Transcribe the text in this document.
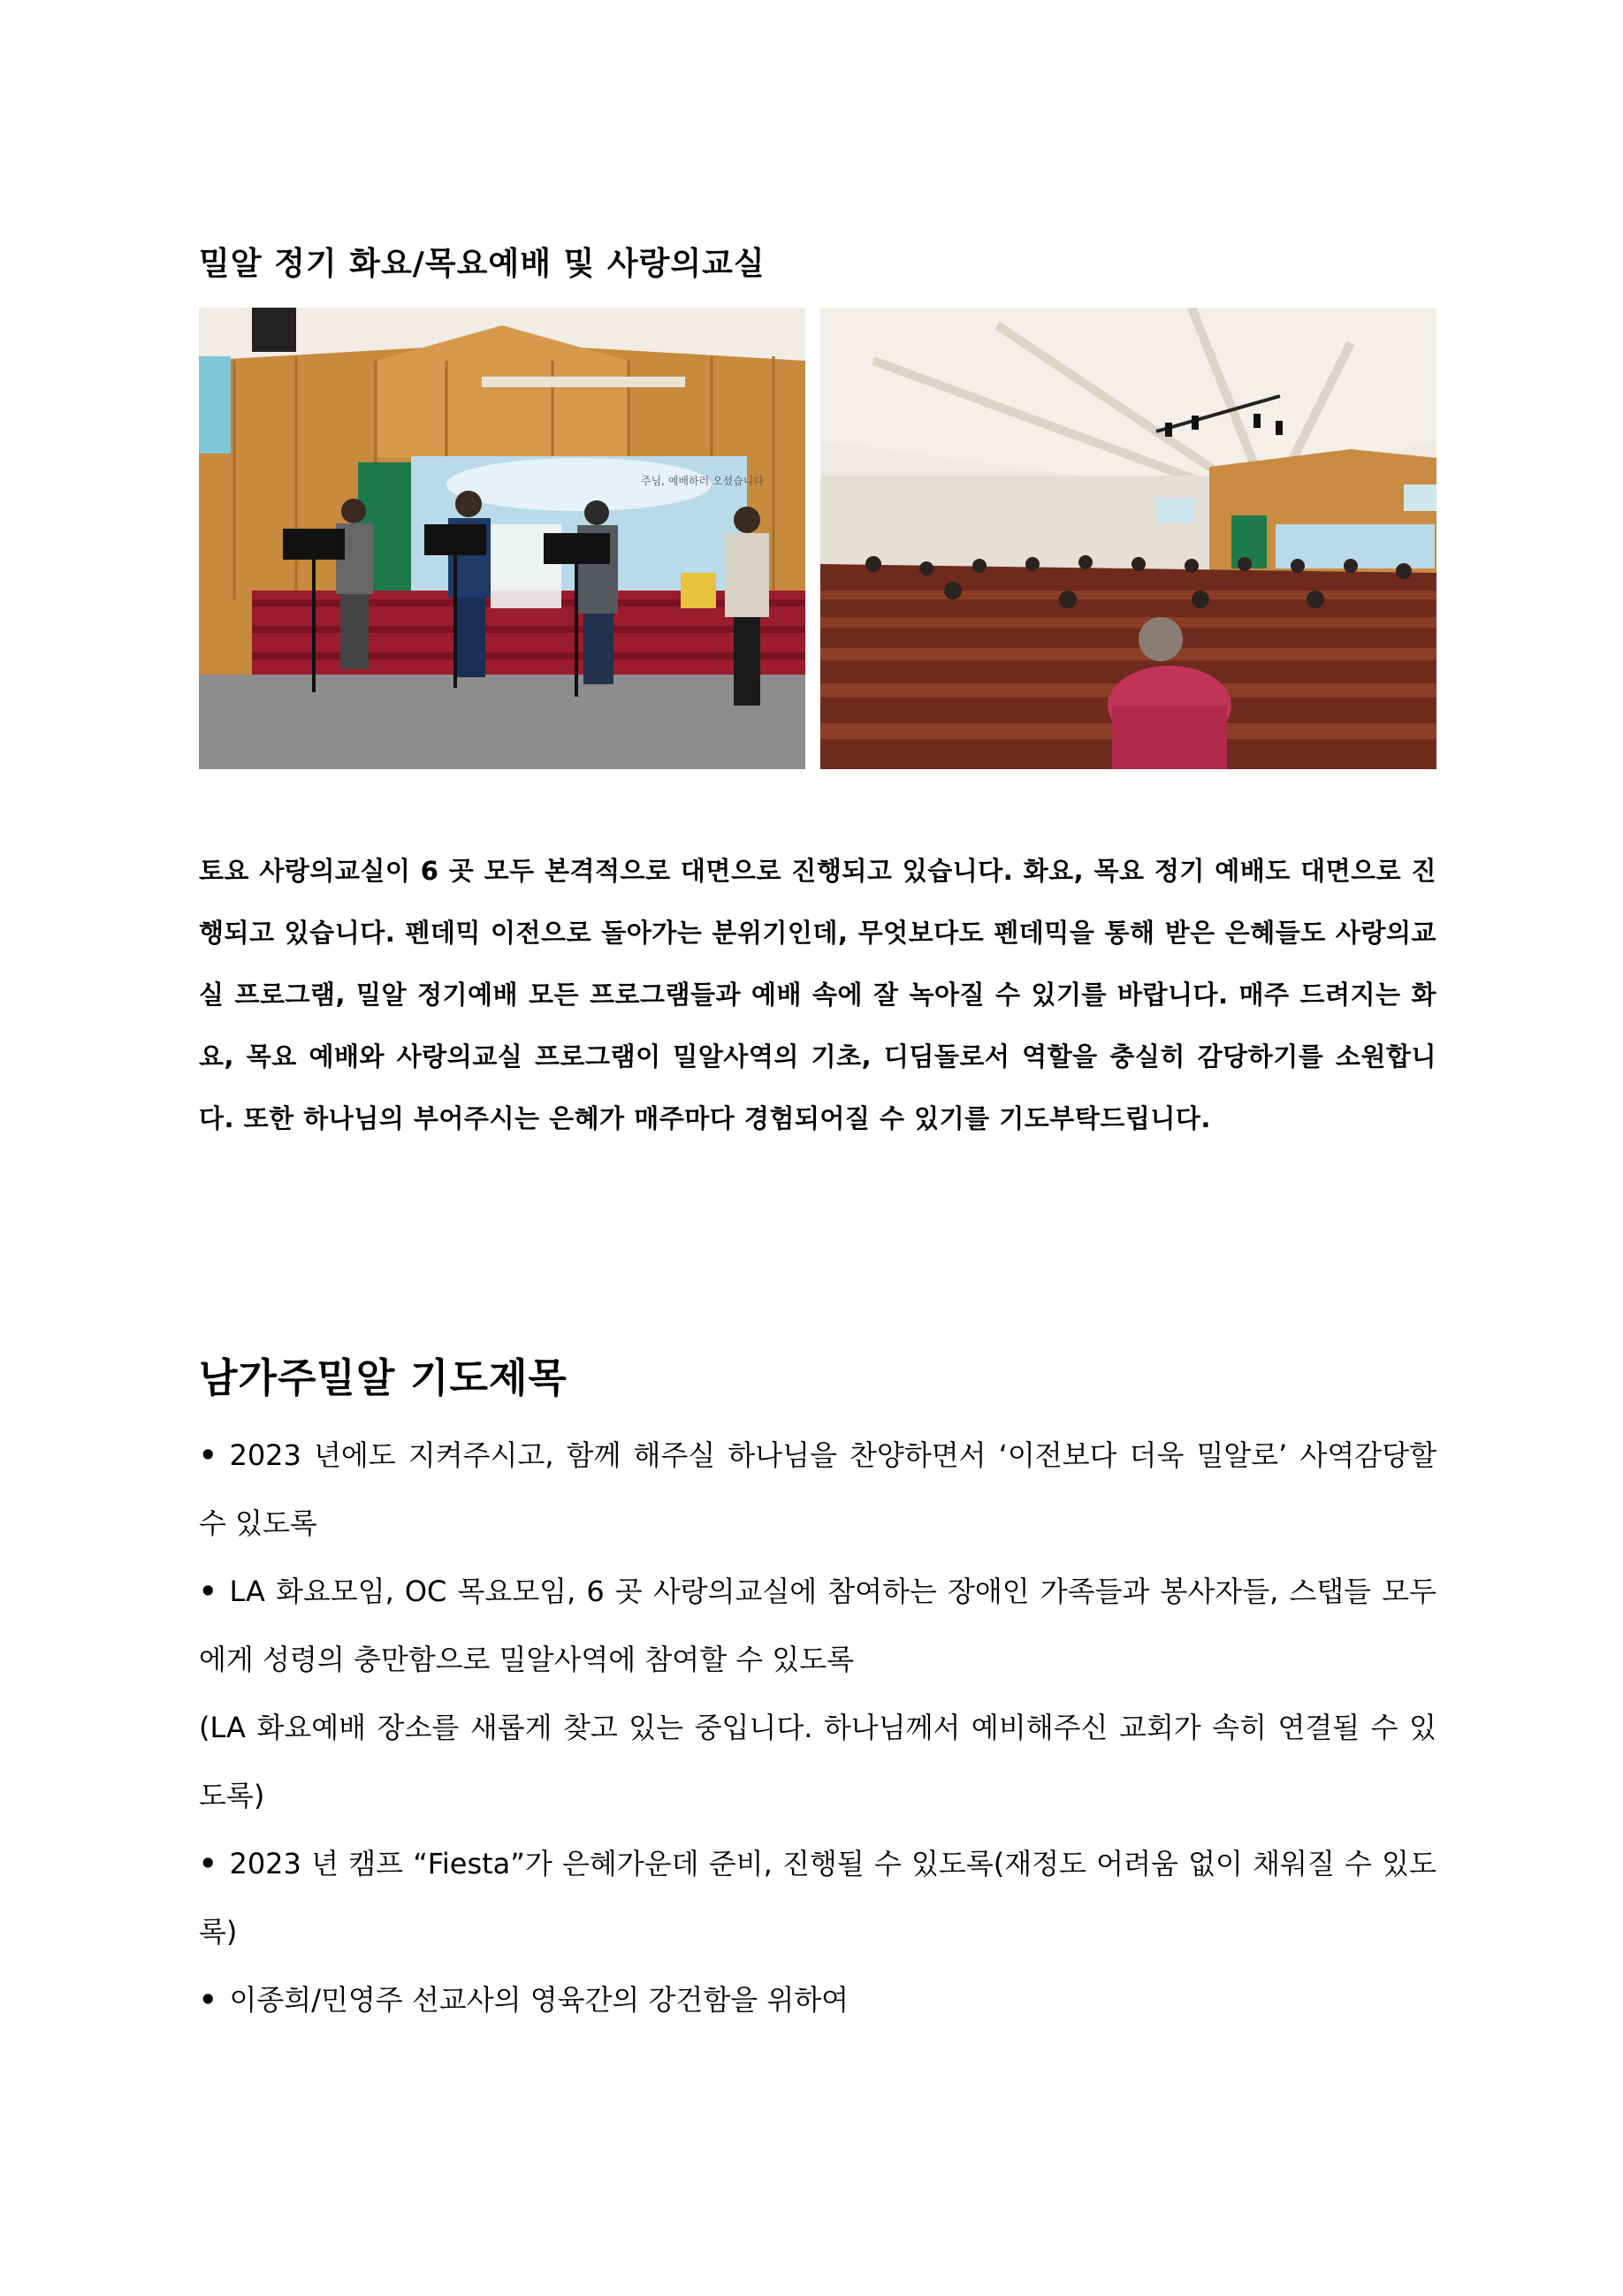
밀알 정기 화요/목요예배 및 사랑의교실
주님, 예배하러 오셨습니다

토요 사랑의교실이 6 곳 모두 본격적으로 대면으로 진행되고 있습니다. 화요, 목요 정기 예배도 대면으로 진행되고 있습니다. 펜데믹 이전으로 돌아가는 분위기인데, 무엇보다도 펜데믹을 통해 받은 은혜들도 사랑의교실 프로그램, 밀알 정기예배 모든 프로그램들과 예배 속에 잘 녹아질 수 있기를 바랍니다. 매주 드려지는 화요, 목요 예배와 사랑의교실 프로그램이 밀알사역의 기초, 디딤돌로서 역할을 충실히 감당하기를 소원합니다. 또한 하나님의 부어주시는 은혜가 매주마다 경험되어질 수 있기를 기도부탁드립니다.

남가주밀알 기도제목
• 2023 년에도 지켜주시고, 함께 해주실 하나님을 찬양하면서 ‘이전보다 더욱 밀알로’ 사역감당할 수 있도록
• LA 화요모임, OC 목요모임, 6 곳 사랑의교실에 참여하는 장애인 가족들과 봉사자들, 스탭들 모두에게 성령의 충만함으로 밀알사역에 참여할 수 있도록
(LA 화요예배 장소를 새롭게 찾고 있는 중입니다. 하나님께서 예비해주신 교회가 속히 연결될 수 있도록)
• 2023 년 캠프 “Fiesta”가 은혜가운데 준비, 진행될 수 있도록(재정도 어려움 없이 채워질 수 있도록)
• 이종희/민영주 선교사의 영육간의 강건함을 위하여
